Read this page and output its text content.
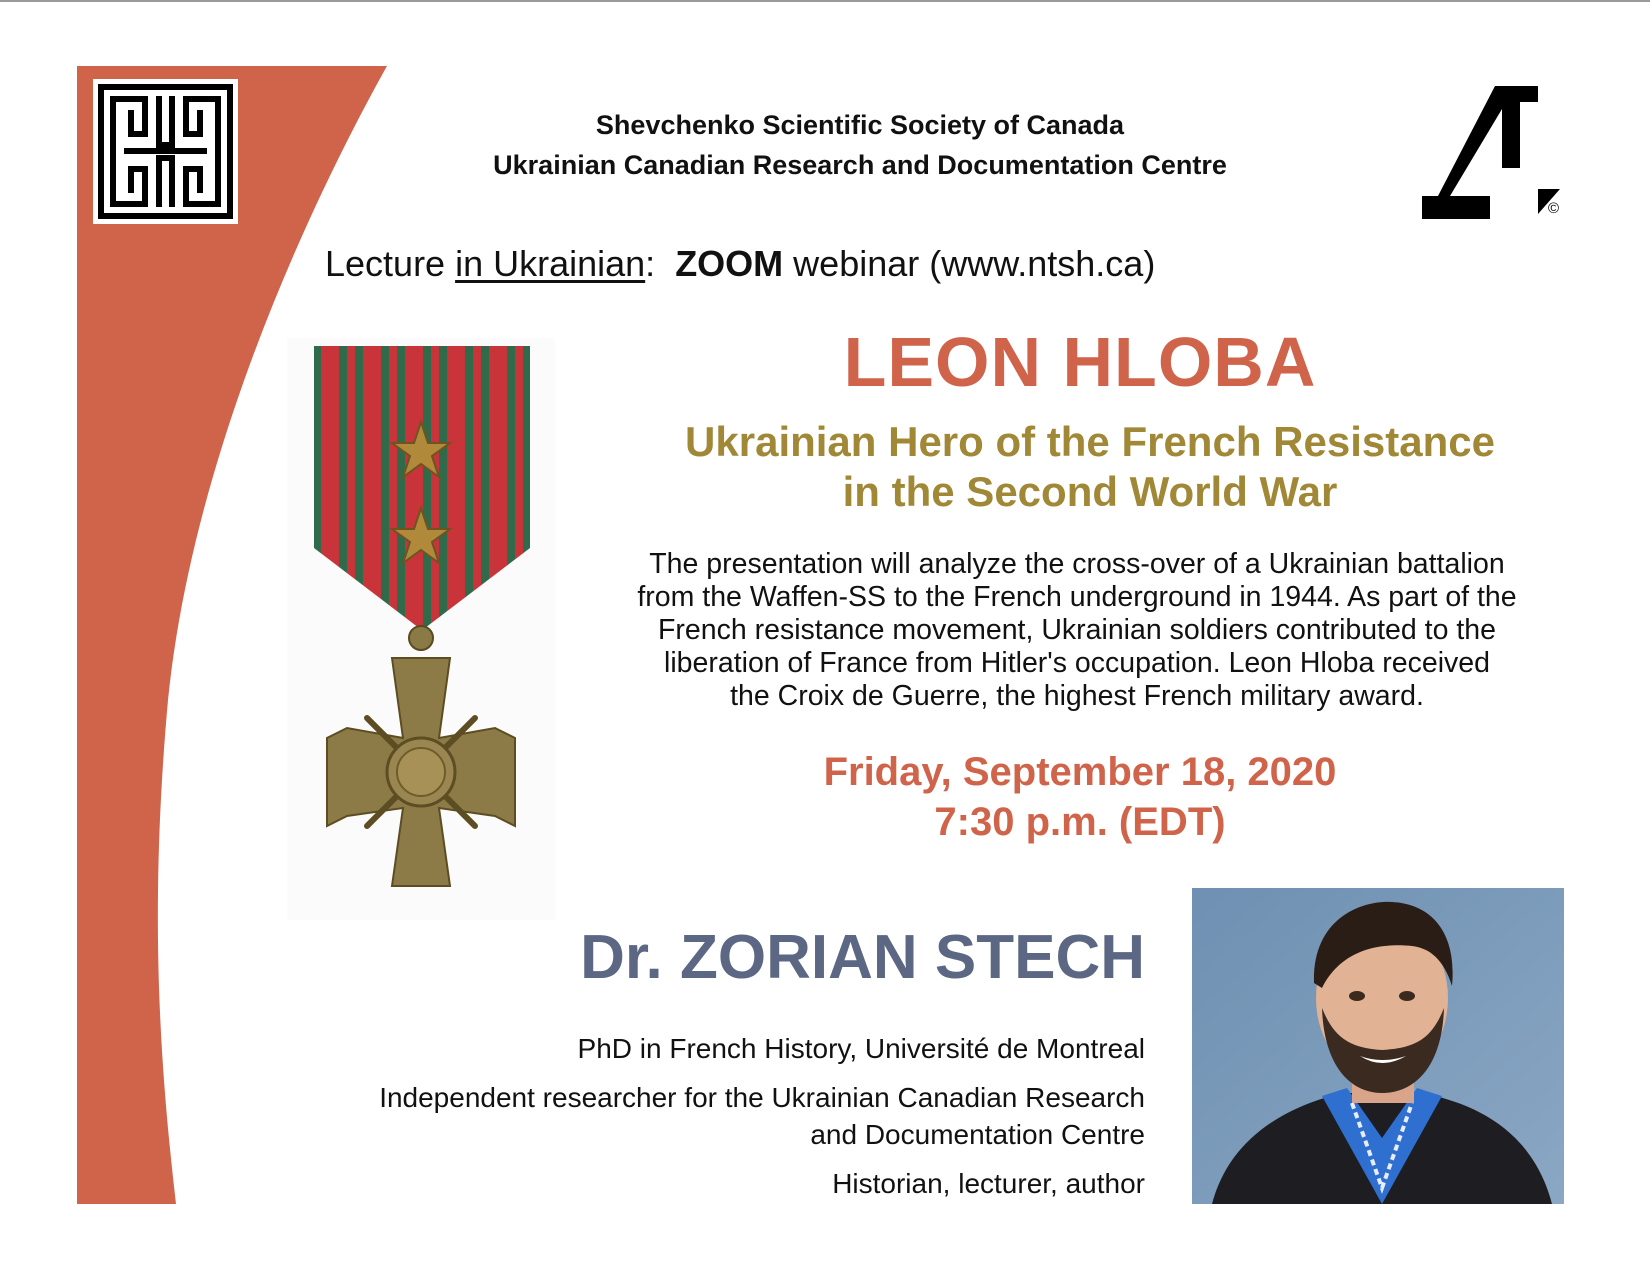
©
Shevchenko Scientific Society of Canada
Ukrainian Canadian Research and Documentation Centre
Lecture in Ukrainian:  ZOOM webinar (www.ntsh.ca)
LEON HLOBA
Ukrainian Hero of the French Resistance
in the Second World War
The presentation will analyze the cross-over of a Ukrainian battalion
from the Waffen-SS to the French underground in 1944. As part of the
French resistance movement, Ukrainian soldiers contributed to the
liberation of France from Hitler's occupation. Leon Hloba received
the Croix de Guerre, the highest French military award.
Friday, September 18, 2020
7:30 p.m. (EDT)
Dr. ZORIAN STECH
PhD in French History, Université de Montreal
Independent researcher for the Ukrainian Canadian Research
and Documentation Centre
Historian, lecturer, author
